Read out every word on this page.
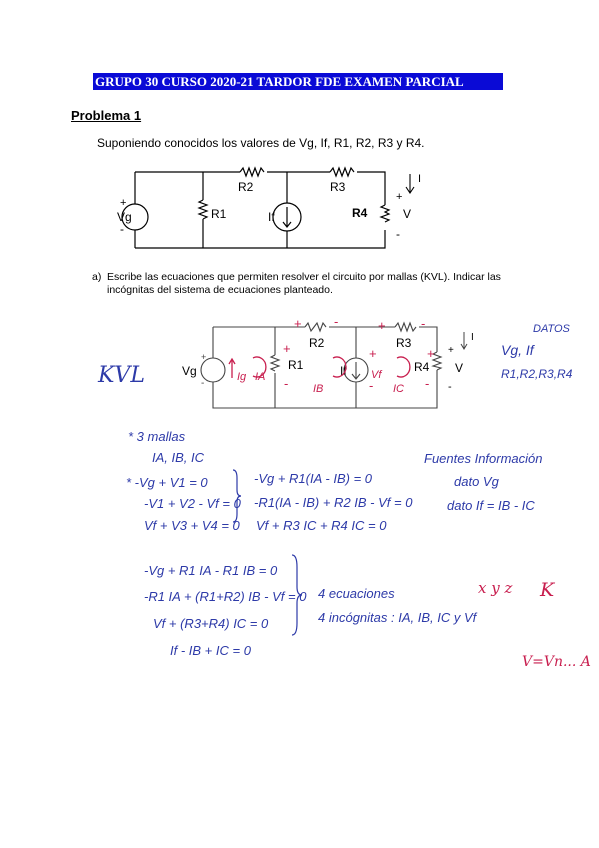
GRUPO 30 CURSO 2020-21 TARDOR FDE EXAMEN PARCIAL
Problema 1
Suponiendo conocidos los valores de Vg, If, R1, R2, R3 y R4.
Vg
+
-
R1
R2	R3
If	R4
+
V
-
I
a) Escribe las ecuaciones que permiten resolver el circuito por mallas (KVL). Indicar las incógnitas del sistema de ecuaciones planteado.
Vg
+
-
R1
R2	R3
If	R4 V
+
-
I
+ -	+	-
+
-
+
-
+
-
Ig IA
IB
Vf
IC
KVL
DATOS
Vg, If
R1,R2,R3,R4
* 3 mallas
IA, IB, IC
* -Vg + V1 = 0
-V1 + V2 - Vf = 0
Vf + V3 + V4 = 0
-Vg + R1(IA - IB) = 0
-R1(IA - IB) + R2 IB - Vf = 0
Vf + R3 IC + R4 IC = 0
Fuentes Información
dato Vg
dato If = IB - IC
-Vg + R1 IA - R1 IB = 0
-R1 IA + (R1+R2) IB - Vf = 0
Vf + (R3+R4) IC = 0
If - IB + IC = 0
4 ecuaciones
4 incógnitas : IA, IB, IC y Vf
x y z K
V=Vn... A
